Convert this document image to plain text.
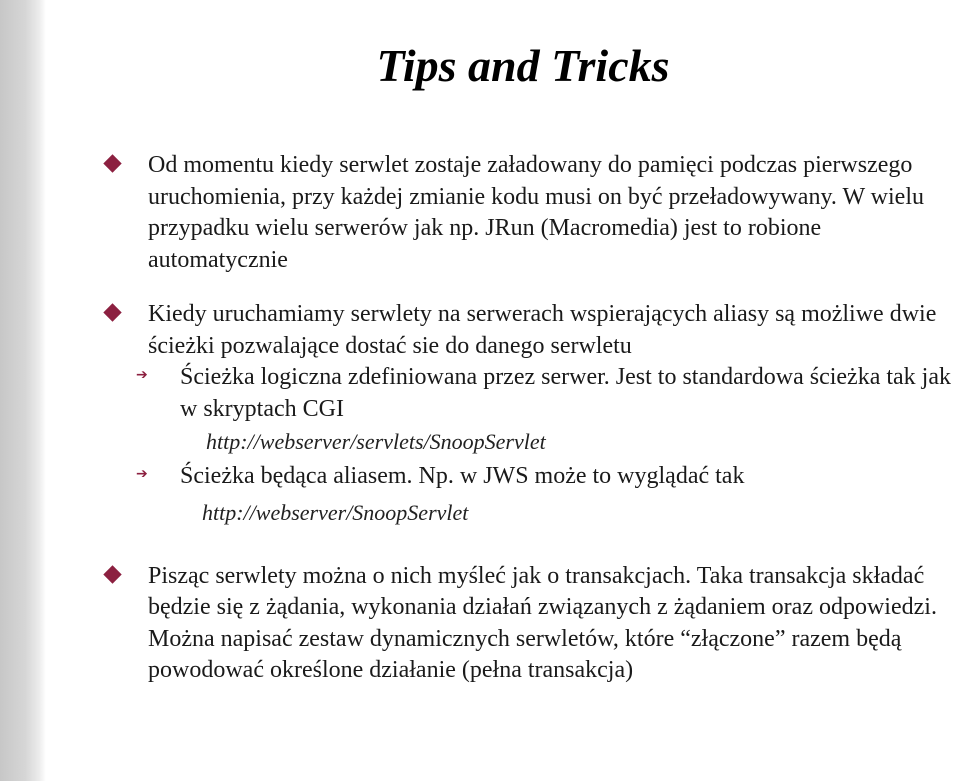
Tips and Tricks

Od momentu kiedy serwlet zostaje załadowany do pamięci podczas pierwszego uruchomienia, przy każdej zmianie kodu musi on być przeładowywany. W wielu przypadku wielu serwerów jak np. JRun (Macromedia) jest to robione automatycznie

Kiedy uruchamiamy serwlety na serwerach wspierających aliasy są możliwe dwie ścieżki pozwalające dostać sie do danego serwletu

➔ Ścieżka logiczna zdefiniowana przez serwer. Jest to standardowa ścieżka tak jak w skryptach CGI

http://webserver/servlets/SnoopServlet

➔ Ścieżka będąca aliasem. Np. w JWS może to wyglądać tak

http://webserver/SnoopServlet

Pisząc serwlety można o nich myśleć jak o transakcjach. Taka transakcja składać będzie się z żądania, wykonania działań związanych z żądaniem oraz odpowiedzi. Można napisać zestaw dynamicznych serwletów, które “złączone” razem będą powodować określone działanie (pełna transakcja)
